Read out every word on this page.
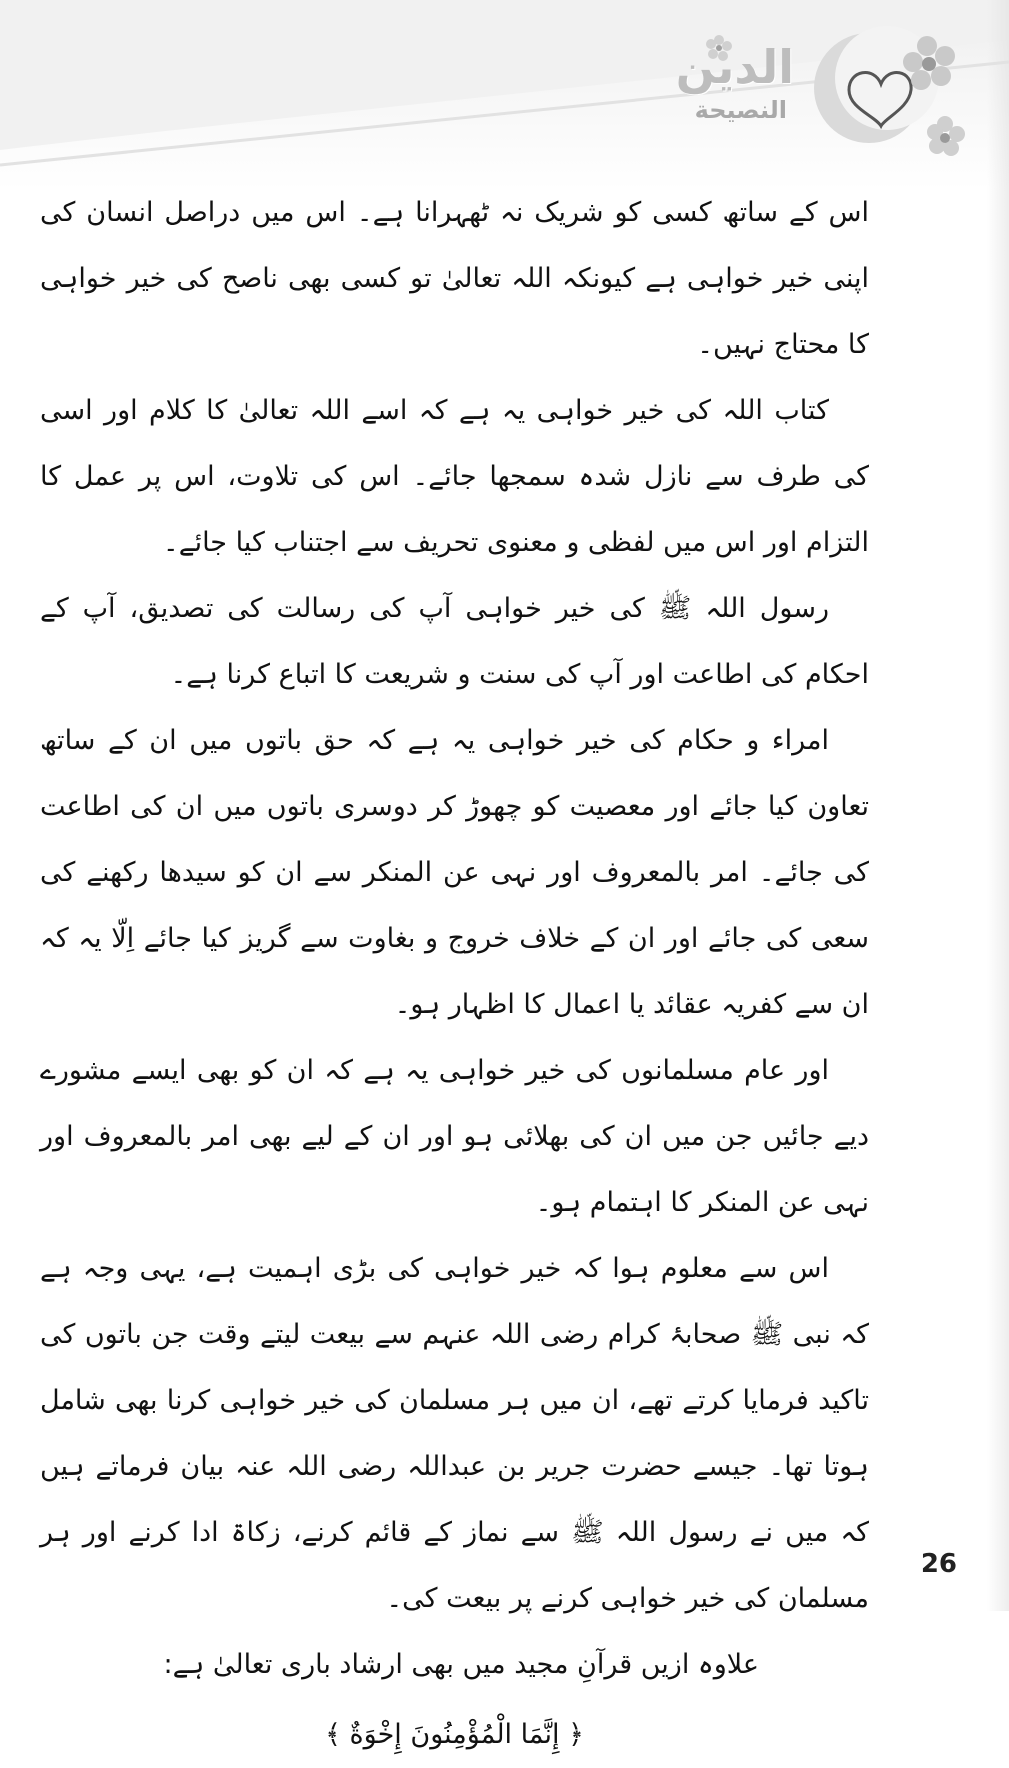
الدین
النصیحة

اس کے ساتھ کسی کو شریک نہ ٹھہرانا ہے۔ اس میں دراصل انسان کی اپنی خیر خواہی ہے کیونکہ اللہ تعالیٰ تو کسی بھی ناصح کی خیر خواہی کا محتاج نہیں۔

کتاب اللہ کی خیر خواہی یہ ہے کہ اسے اللہ تعالیٰ کا کلام اور اسی کی طرف سے نازل شدہ سمجھا جائے۔ اس کی تلاوت، اس پر عمل کا التزام اور اس میں لفظی و معنوی تحریف سے اجتناب کیا جائے۔

رسول اللہ ﷺ کی خیر خواہی آپ کی رسالت کی تصدیق، آپ کے احکام کی اطاعت اور آپ کی سنت و شریعت کا اتباع کرنا ہے۔

امراء و حکام کی خیر خواہی یہ ہے کہ حق باتوں میں ان کے ساتھ تعاون کیا جائے اور معصیت کو چھوڑ کر دوسری باتوں میں ان کی اطاعت کی جائے۔ امر بالمعروف اور نہی عن المنکر سے ان کو سیدھا رکھنے کی سعی کی جائے اور ان کے خلاف خروج و بغاوت سے گریز کیا جائے اِلّا یہ کہ ان سے کفریہ عقائد یا اعمال کا اظہار ہو۔

اور عام مسلمانوں کی خیر خواہی یہ ہے کہ ان کو بھی ایسے مشورے دیے جائیں جن میں ان کی بھلائی ہو اور ان کے لیے بھی امر بالمعروف اور نہی عن المنکر کا اہتمام ہو۔

اس سے معلوم ہوا کہ خیر خواہی کی بڑی اہمیت ہے، یہی وجہ ہے کہ نبی ﷺ صحابۂ کرام رضی اللہ عنہم سے بیعت لیتے وقت جن باتوں کی تاکید فرمایا کرتے تھے، ان میں ہر مسلمان کی خیر خواہی کرنا بھی شامل ہوتا تھا۔ جیسے حضرت جریر بن عبداللہ رضی اللہ عنہ بیان فرماتے ہیں کہ میں نے رسول اللہ ﷺ سے نماز کے قائم کرنے، زکاۃ ادا کرنے اور ہر مسلمان کی خیر خواہی کرنے پر بیعت کی۔

علاوہ ازیں قرآنِ مجید میں بھی ارشاد باری تعالیٰ ہے:

﴿ إِنَّمَا الْمُؤْمِنُونَ إِخْوَةٌ ﴾
26
